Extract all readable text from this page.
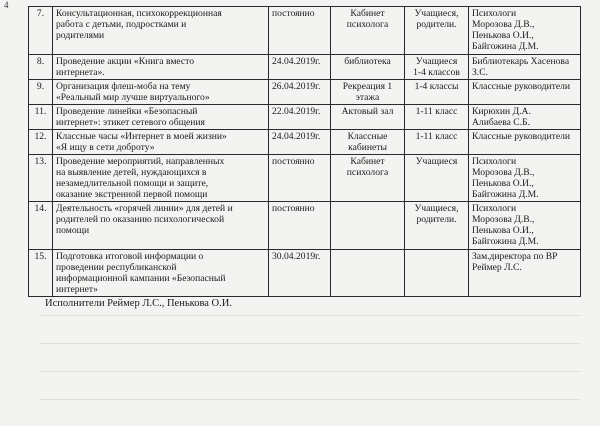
4
7.	Консультационная, психокоррекционная
работа с детьми, подростками и
родителями	постоянно	Кабинет
психолога	Учащиеся,
родители.	Психологи
Морозова Д.В.,
Пенькова О.И.,
Байгожина Д.М.

8.	Проведение акции «Книга вместо
интернета».	24.04.2019г.	библиотека	Учащиеся
1-4 классов	Библиотекарь Хасенова
З.С.

9.	Организация флеш-моба на тему
«Реальный мир лучше виртуального»	26.04.2019г.	Рекреация 1
этажа	1-4 классы	Классные руководители

11.	Проведение линейки «Безопасный
интернет»: этикет сетевого общения	22.04.2019г.	Актовый зал	1-11 класс	Кирюхин Д.А.
Алибаева С.Б.

12.	Классные часы «Интернет в моей жизни»
«Я ищу в сети доброту»	24.04.2019г.	Классные
кабинеты	1-11 класс	Классные руководители

13.	Проведение мероприятий, направленных
на выявление детей, нуждающихся в
незамедлительной помощи и защите,
оказание экстренной первой помощи	постоянно	Кабинет
психолога	Учащиеся	Психологи
Морозова Д.В.,
Пенькова О.И.,
Байгожина Д.М.

14.	Деятельность «горячей линии» для детей и
родителей по оказанию психологической
помощи	постоянно		Учащиеся,
родители.	Психологи
Морозова Д.В.,
Пенькова О.И.,
Байгожина Д.М.

15.	Подготовка итоговой информации о
проведении республиканской
информационной кампании «Безопасный
интернет»	30.04.2019г.			Зам.директора по ВР
Реймер Л.С.
Исполнители Реймер Л.С., Пенькова О.И.
